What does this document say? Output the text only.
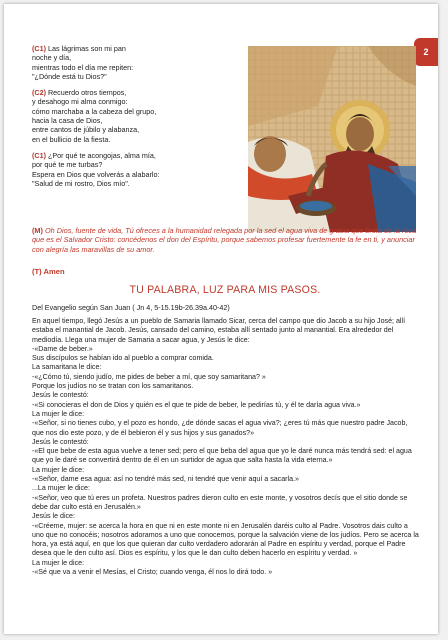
2
(C1) Las lágrimas son mi pan
noche y día,
mientras todo el día me repiten:
"¿Dónde está tu Dios?"
(C2) Recuerdo otros tiempos,
y desahogo mi alma conmigo:
cómo marchaba a la cabeza del grupo,
hacia la casa de Dios,
entre cantos de júbilo y alabanza,
en el bullicio de la fiesta.
(C1) ¿Por qué te acongojas, alma mía,
por qué te me turbas?
Espera en Dios que volverás a alabarlo:
"Salud de mi rostro, Dios mío".
(M) Oh Dios, fuente de vida, Tú ofreces a la humanidad relegada por la sed el agua viva de gracia que brota de la roca que es el Salvador Cristo: concédenos el don del Espíritu, porque sabemos profesar fuertemente la fe en ti, y anunciar con alegría las maravillas de su amor.
(T) Amen
TU PALABRA, LUZ PARA MIS PASOS.
Del Evangelio según San Juan ( Jn 4, 5-15.19b-26.39a.40-42)

En aquel tiempo, llegó Jesús a un pueblo de Samaria llamado Sicar, cerca del campo que dio Jacob a su hijo José; allí estaba el manantial de Jacob. Jesús, cansado del camino, estaba allí sentado junto al manantial. Era alrededor del mediodía. Llega una mujer de Samaria a sacar agua, y Jesús le dice:

-«Dame de beber.»

Sus discípulos se habían ido al pueblo a comprar comida.

La samaritana le dice:

-«¿Cómo tú, siendo judío, me pides de beber a mí, que soy samaritana? »

Porque los judíos no se tratan con los samaritanos.

Jesús le contestó:

-«Si conocieras el don de Dios y quién es el que te pide de beber, le pedirías tú, y él te daría agua viva.»

La mujer le dice:

-«Señor, si no tienes cubo, y el pozo es hondo, ¿de dónde sacas el agua viva?; ¿eres tú más que nuestro padre Jacob, que nos dio este pozo, y de él bebieron él y sus hijos y sus ganados?»

Jesús le contestó:

-«El que bebe de esta agua vuelve a tener sed; pero el que beba del agua que yo le daré nunca más tendrá sed: el agua que yo le daré se convertirá dentro de él en un surtidor de agua que salta hasta la vida eterna.»

La mujer le dice:

-«Señor, dame esa agua: así no tendré más sed, ni tendré que venir aquí a sacarla.»

...La mujer le dice:

-«Señor, veo que tú eres un profeta. Nuestros padres dieron culto en este monte, y vosotros decís que el sitio donde se debe dar culto está en Jerusalén.»

Jesús le dice:

-«Créeme, mujer: se acerca la hora en que ni en este monte ni en Jerusalén daréis culto al Padre. Vosotros dais culto a uno que no conocéis; nosotros adoramos a uno que conocemos, porque la salvación viene de los judíos. Pero se acerca la hora, ya está aquí, en que los que quieran dar culto verdadero adorarán al Padre en espíritu y verdad, porque el Padre desea que le den culto así. Dios es espíritu, y los que le dan culto deben hacerlo en espíritu y verdad. »

La mujer le dice:

-«Sé que va a venir el Mesías, el Cristo; cuando venga, él nos lo dirá todo. »
